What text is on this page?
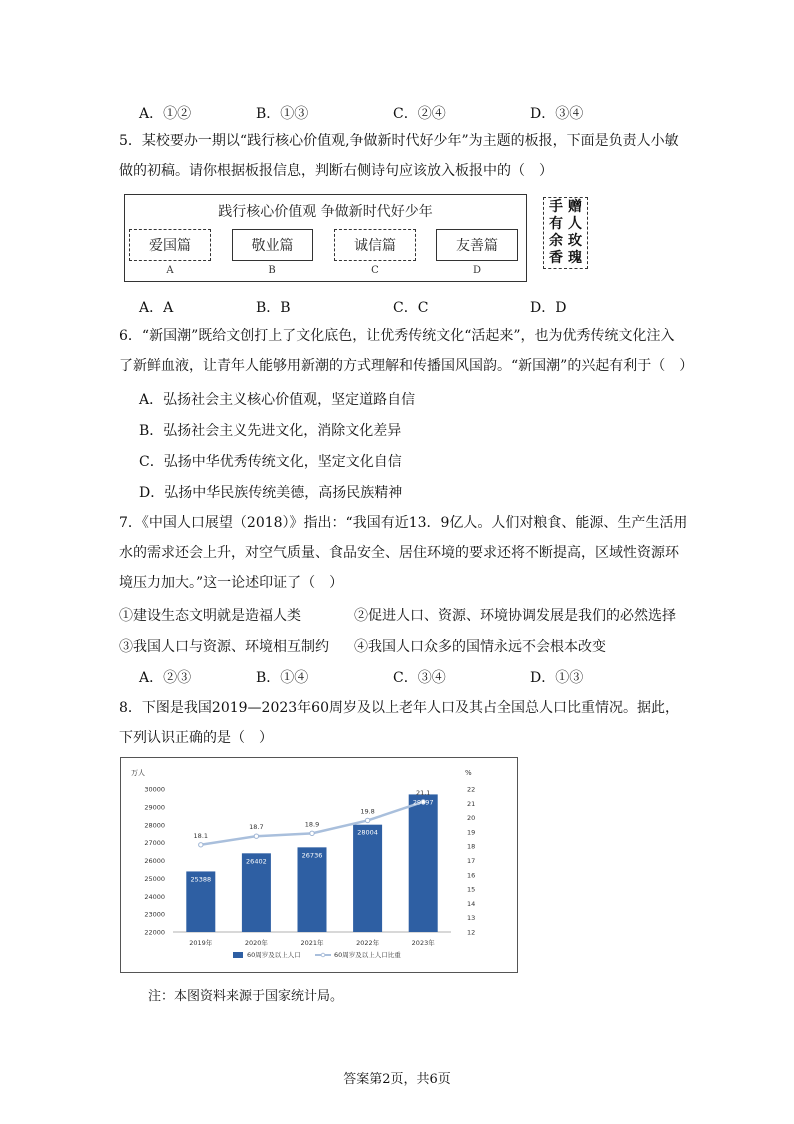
A．①②	B．①③	C．②④	D．③④
5．某校要办一期以“践行核心价值观,争做新时代好少年”为主题的板报，下面是负责人小敏
做的初稿。请你根据板报信息，判断右侧诗句应该放入板报中的（　）
践行核心价值观 争做新时代好少年
爱国篇	敬业篇	诚信篇	友善篇
A	B	C	D
手
有
余
香
赠
人
玫
瑰
A．A	B．B	C．C	D．D
6．“新国潮”既给文创打上了文化底色，让优秀传统文化“活起来”，也为优秀传统文化注入
了新鲜血液，让青年人能够用新潮的方式理解和传播国风国韵。“新国潮”的兴起有利于（　）
A．弘扬社会主义核心价值观，坚定道路自信
B．弘扬社会主义先进文化，消除文化差异
C．弘扬中华优秀传统文化，坚定文化自信
D．弘扬中华民族传统美德，高扬民族精神
7．《中国人口展望（2018）》指出：“我国有近13．9亿人。人们对粮食、能源、生产生活用
水的需求还会上升，对空气质量、食品安全、居住环境的要求还将不断提高，区域性资源环
境压力加大。”这一论述印证了（　）
①建设生态文明就是造福人类	②促进人口、资源、环境协调发展是我们的必然选择
③我国人口与资源、环境相互制约 ④我国人口众多的国情永远不会根本改变
A．②③	B．①④	C．③④	D．①③
8．下图是我国2019—2023年60周岁及以上老年人口及其占全国总人口比重情况。据此，
下列认识正确的是（　）
万人	%
22000
23000
24000
25000
26000
27000
28000
29000
30000
12
13
14
15
16
17
18
19
20
21
22
18.1
18.7	18.9
19.8
21.1
25388
26402
26736
28004
29697
2019年	2020年	2021年	2022年	2023年
60周岁及以上人口	60周岁及以上人口比重
注：本图资料来源于国家统计局。
答案第2页，共6页
